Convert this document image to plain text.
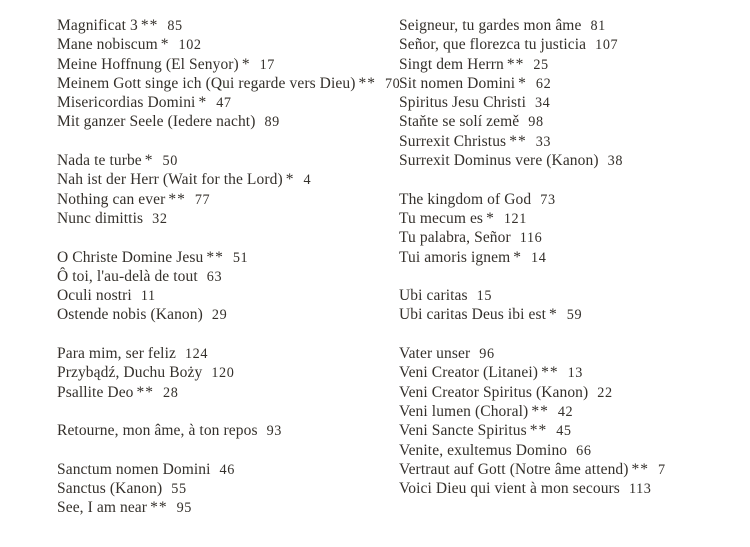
Magnificat 3 ** 85
Mane nobiscum * 102
Meine Hoffnung (El Senyor) * 17
Meinem Gott singe ich (Qui regarde vers Dieu) ** 70
Misericordias Domini * 47
Mit ganzer Seele (Iedere nacht) 89
Nada te turbe * 50
Nah ist der Herr (Wait for the Lord) * 4
Nothing can ever ** 77
Nunc dimittis 32
O Christe Domine Jesu ** 51
Ô toi, l'au-delà de tout 63
Oculi nostri 11
Ostende nobis (Kanon) 29
Para mim, ser feliz 124
Przybądź, Duchu Boży 120
Psallite Deo ** 28
Retourne, mon âme, à ton repos 93
Sanctum nomen Domini 46
Sanctus (Kanon) 55
See, I am near ** 95
Seigneur, tu gardes mon âme 81
Señor, que florezca tu justicia 107
Singt dem Herrn ** 25
Sit nomen Domini * 62
Spiritus Jesu Christi 34
Staňte se solí země 98
Surrexit Christus ** 33
Surrexit Dominus vere (Kanon) 38
The kingdom of God 73
Tu mecum es * 121
Tu palabra, Señor 116
Tui amoris ignem * 14
Ubi caritas 15
Ubi caritas Deus ibi est * 59
Vater unser 96
Veni Creator (Litanei) ** 13
Veni Creator Spiritus (Kanon) 22
Veni lumen (Choral) ** 42
Veni Sancte Spiritus ** 45
Venite, exultemus Domino 66
Vertraut auf Gott (Notre âme attend) ** 7
Voici Dieu qui vient à mon secours 113
